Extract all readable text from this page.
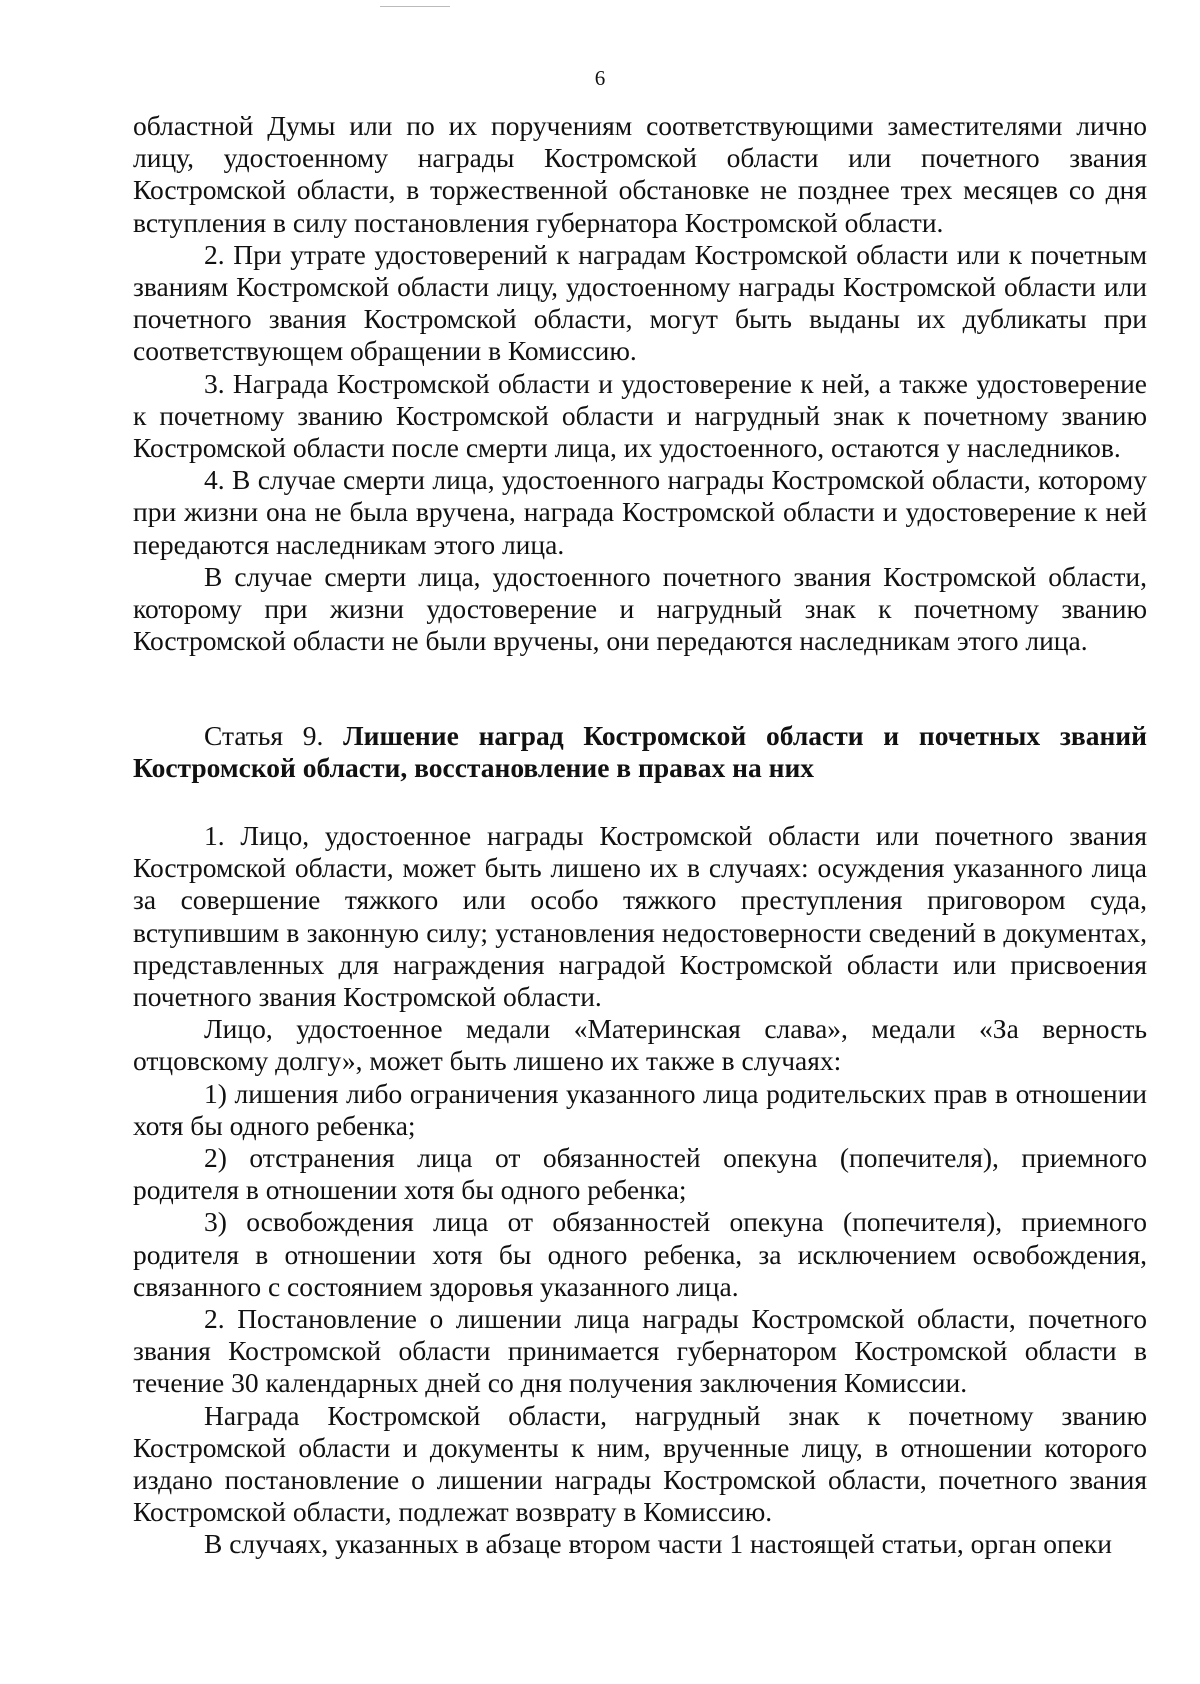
6

областной Думы или по их поручениям соответствующими заместителями лично лицу, удостоенному награды Костромской области или почетного звания Костромской области, в торжественной обстановке не позднее трех месяцев со дня вступления в силу постановления губернатора Костромской области.

2. При утрате удостоверений к наградам Костромской области или к почетным званиям Костромской области лицу, удостоенному награды Костромской области или почетного звания Костромской области, могут быть выданы их дубликаты при соответствующем обращении в Комиссию.

3. Награда Костромской области и удостоверение к ней, а также удостоверение к почетному званию Костромской области и нагрудный знак к почетному званию Костромской области после смерти лица, их удостоенного, остаются у наследников.

4. В случае смерти лица, удостоенного награды Костромской области, которому при жизни она не была вручена, награда Костромской области и удостоверение к ней передаются наследникам этого лица.

В случае смерти лица, удостоенного почетного звания Костромской области, которому при жизни удостоверение и нагрудный знак к почетному званию Костромской области не были вручены, они передаются наследникам этого лица.

Статья 9. Лишение наград Костромской области и почетных званий Костромской области, восстановление в правах на них

1. Лицо, удостоенное награды Костромской области или почетного звания Костромской области, может быть лишено их в случаях: осуждения указанного лица за совершение тяжкого или особо тяжкого преступления приговором суда, вступившим в законную силу; установления недостоверности сведений в документах, представленных для награждения наградой Костромской области или присвоения почетного звания Костромской области.

Лицо, удостоенное медали «Материнская слава», медали «За верность отцовскому долгу», может быть лишено их также в случаях:

1) лишения либо ограничения указанного лица родительских прав в отношении хотя бы одного ребенка;

2) отстранения лица от обязанностей опекуна (попечителя), приемного родителя в отношении хотя бы одного ребенка;

3) освобождения лица от обязанностей опекуна (попечителя), приемного родителя в отношении хотя бы одного ребенка, за исключением освобождения, связанного с состоянием здоровья указанного лица.

2. Постановление о лишении лица награды Костромской области, почетного звания Костромской области принимается губернатором Костромской области в течение 30 календарных дней со дня получения заключения Комиссии.

Награда Костромской области, нагрудный знак к почетному званию Костромской области и документы к ним, врученные лицу, в отношении которого издано постановление о лишении награды Костромской области, почетного звания Костромской области, подлежат возврату в Комиссию.

В случаях, указанных в абзаце втором части 1 настоящей статьи, орган опеки
